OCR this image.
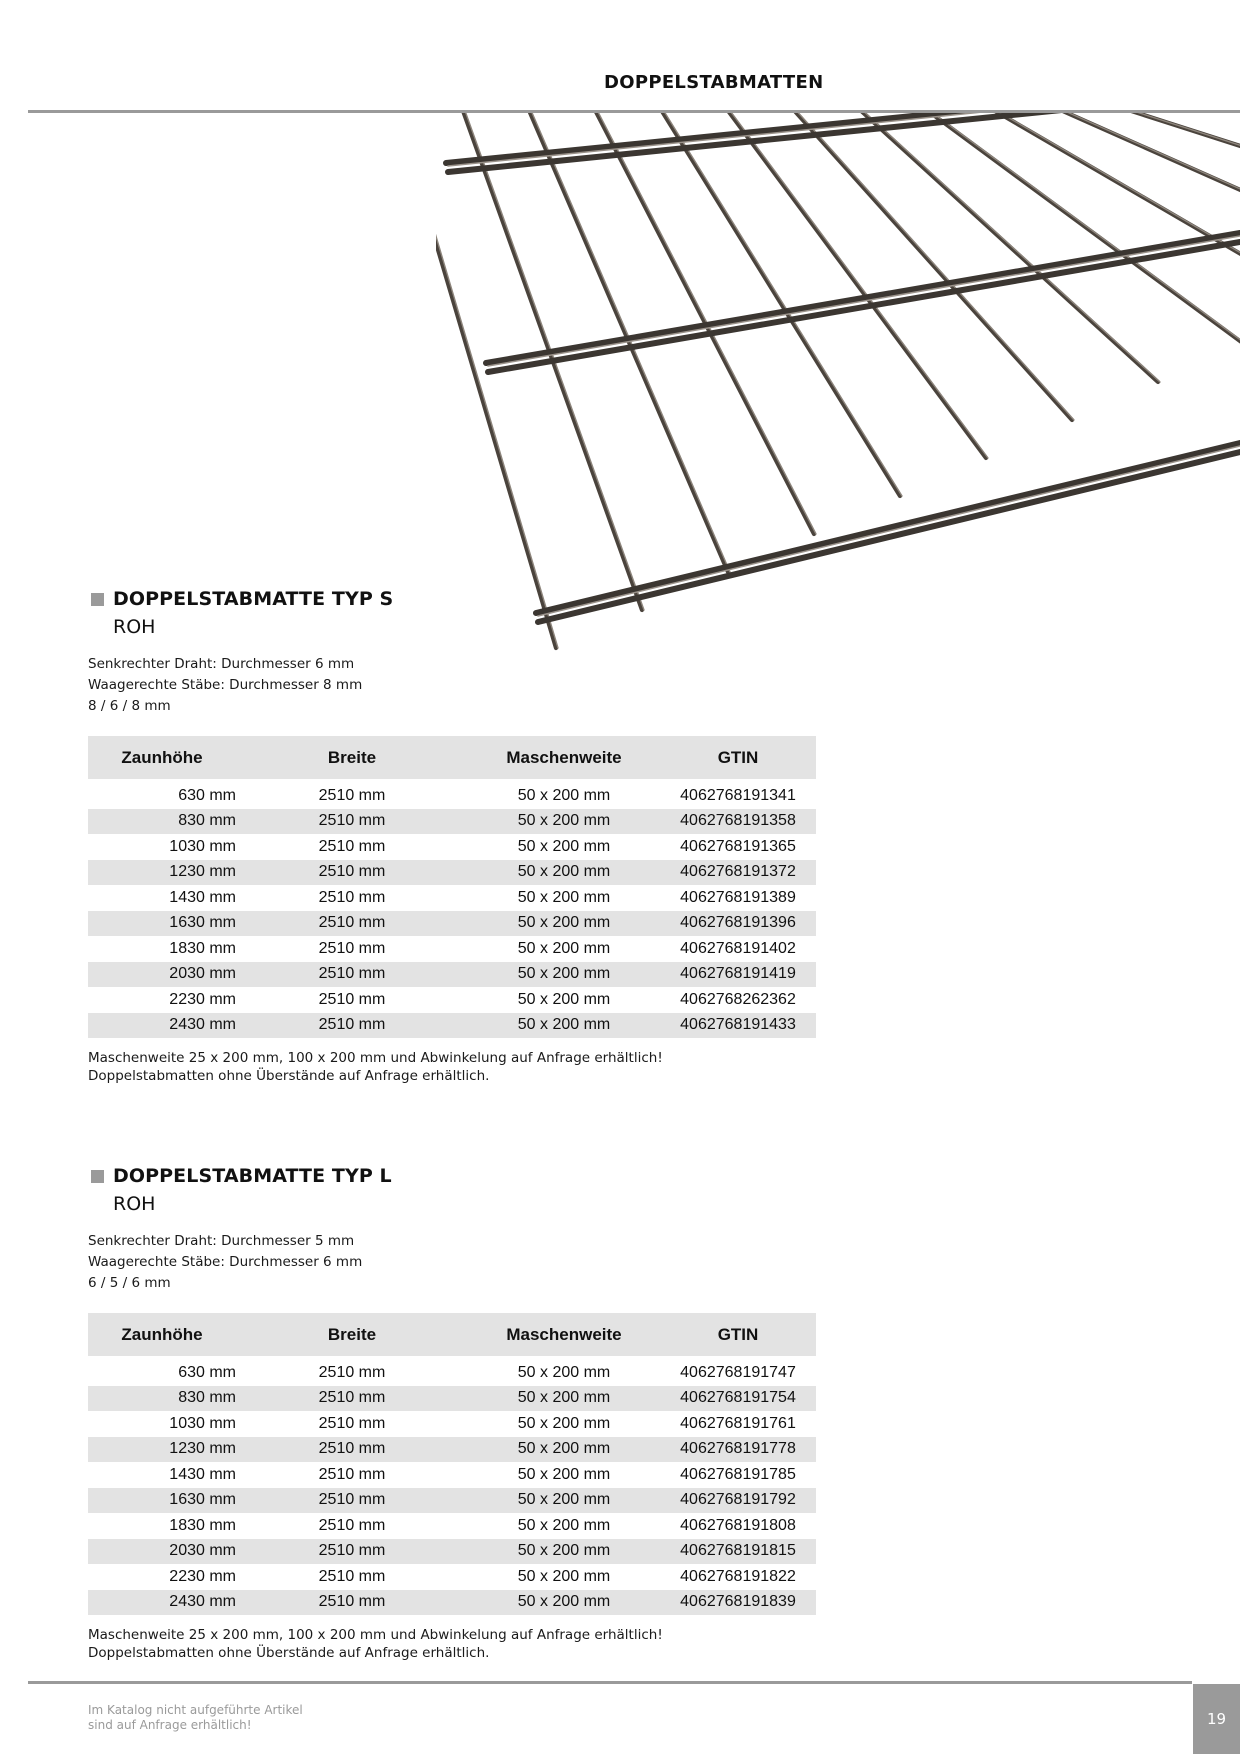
DOPPELSTABMATTEN
DOPPELSTABMATTE TYP S
ROH
Senkrechter Draht: Durchmesser 6 mm
Waagerechte Stäbe: Durchmesser 8 mm
8 / 6 / 8 mm
Zaunhöhe	Breite	Maschenweite	GTIN

630 mm	2510 mm	50 x 200 mm	4062768191341
830 mm	2510 mm	50 x 200 mm	4062768191358
1030 mm	2510 mm	50 x 200 mm	4062768191365
1230 mm	2510 mm	50 x 200 mm	4062768191372
1430 mm	2510 mm	50 x 200 mm	4062768191389
1630 mm	2510 mm	50 x 200 mm	4062768191396
1830 mm	2510 mm	50 x 200 mm	4062768191402
2030 mm	2510 mm	50 x 200 mm	4062768191419
2230 mm	2510 mm	50 x 200 mm	4062768262362
2430 mm	2510 mm	50 x 200 mm	4062768191433
Maschenweite 25 x 200 mm, 100 x 200 mm und Abwinkelung auf Anfrage erhältlich!
Doppelstabmatten ohne Überstände auf Anfrage erhältlich.
DOPPELSTABMATTE TYP L
ROH
Senkrechter Draht: Durchmesser 5 mm
Waagerechte Stäbe: Durchmesser 6 mm
6 / 5 / 6 mm
Zaunhöhe	Breite	Maschenweite	GTIN

630 mm	2510 mm	50 x 200 mm	4062768191747
830 mm	2510 mm	50 x 200 mm	4062768191754
1030 mm	2510 mm	50 x 200 mm	4062768191761
1230 mm	2510 mm	50 x 200 mm	4062768191778
1430 mm	2510 mm	50 x 200 mm	4062768191785
1630 mm	2510 mm	50 x 200 mm	4062768191792
1830 mm	2510 mm	50 x 200 mm	4062768191808
2030 mm	2510 mm	50 x 200 mm	4062768191815
2230 mm	2510 mm	50 x 200 mm	4062768191822
2430 mm	2510 mm	50 x 200 mm	4062768191839
Maschenweite 25 x 200 mm, 100 x 200 mm und Abwinkelung auf Anfrage erhältlich!
Doppelstabmatten ohne Überstände auf Anfrage erhältlich.
Im Katalog nicht aufgeführte Artikel
sind auf Anfrage erhältlich!	19
